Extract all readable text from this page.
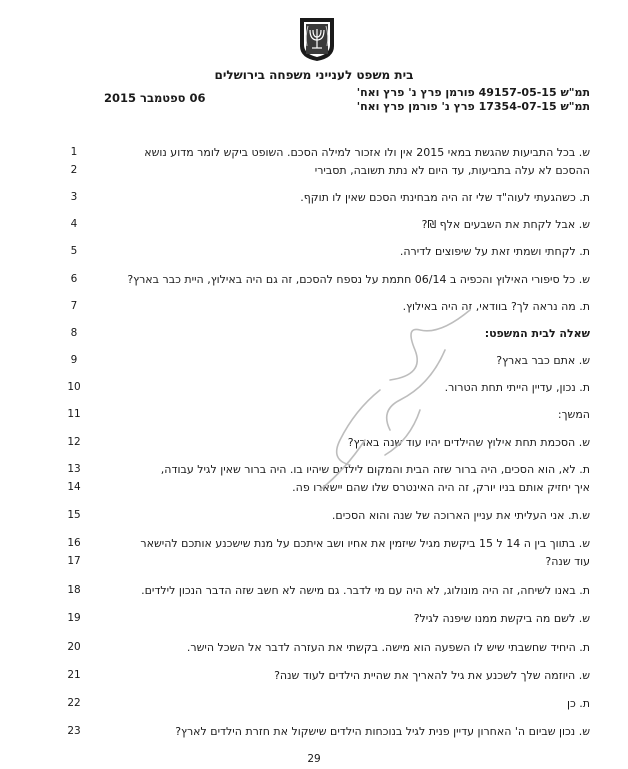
בית משפט לענייני משפחה בירושלים
תמ"ש 49157-05-15 פורמן פרץ נ' פרץ ואח'
תמ"ש 17354-07-15 פרץ נ' פורמן פרץ ואח'
06 ספטמבר 2015
ש. בכל התביעות שהגשת במאי 2015 אין ולו אזכור למילה הסכם. השופט ביקש לומר מדוע נושא
1
ההסכם לא עלה בתביעות, עד היום לא נתת תשובה, תסבירי
2
ת. כשהגעתי לעוה"ד שלי זה היה מבחינתי הסכם שאין לו תוקף.
3
ש. אבל לקחת את השבעים אלף ₪?
4
ת. לקחתי ושמתי זאת על שיפוצים לדירה.
5
ש. כל סיפורי האילוץ והכפיה ב 06/14 חתמת על נספח להסכם, זה גם היה באילוץ, היית כבר בארץ?
6
ת. מה נראה לך? בוודאי, זה היה באילוץ.
7
שאלה לבית המשפט:
8
ש. אתם כבר בארץ?
9
ת. נכון, עדיין הייתי תחת הטרור.
10
המשך:
11
ש. הסכמת תחת אילוץ שהילדים יהיו עוד שנה בארץ?
12
ת. לא, הוא הסכים, היה ברור שזה הבית והמקום לילדים שיהיו בו. היה ברור שאין לגיל עבודה,
13
איך יחזיק אותם בניו יורק, זה היה האינטרס שלו שהם יישארו פה.
14
ש.ת. אני העליתי את עניין הארוכה של שנה והוא הסכים.
15
ש. בתווך בין ה 14 ל 15 ביקשת מגיל שיזמין את אחיו ושב איתכם על מנת שישכנע אותכם להישאר
16
עוד שנה?
17
ת. באנו לשיחה, זה היה מונולוג, לא היה עם מי לדבר. גם מישה לא חשב שזה הדבר הנכון לילדים.
18
ש. לשם מה ביקשת ממנו שיפנה לגיל?
19
ת. היחיד שחשבתי שיש לו השפעה הוא מישה. בקשתי את העזרה לדבר אל השכל הישר.
20
ש. היוזמה שלך לשכנע את גיל להאריך את שהיית הילדים לעוד שנה?
21
ת. כן
22
ש. נכון שביום ה' האחרון עדיין פנית לגיל בנוכחות הילדים שישקול את חזרת הילדים לארץ?
23
29
